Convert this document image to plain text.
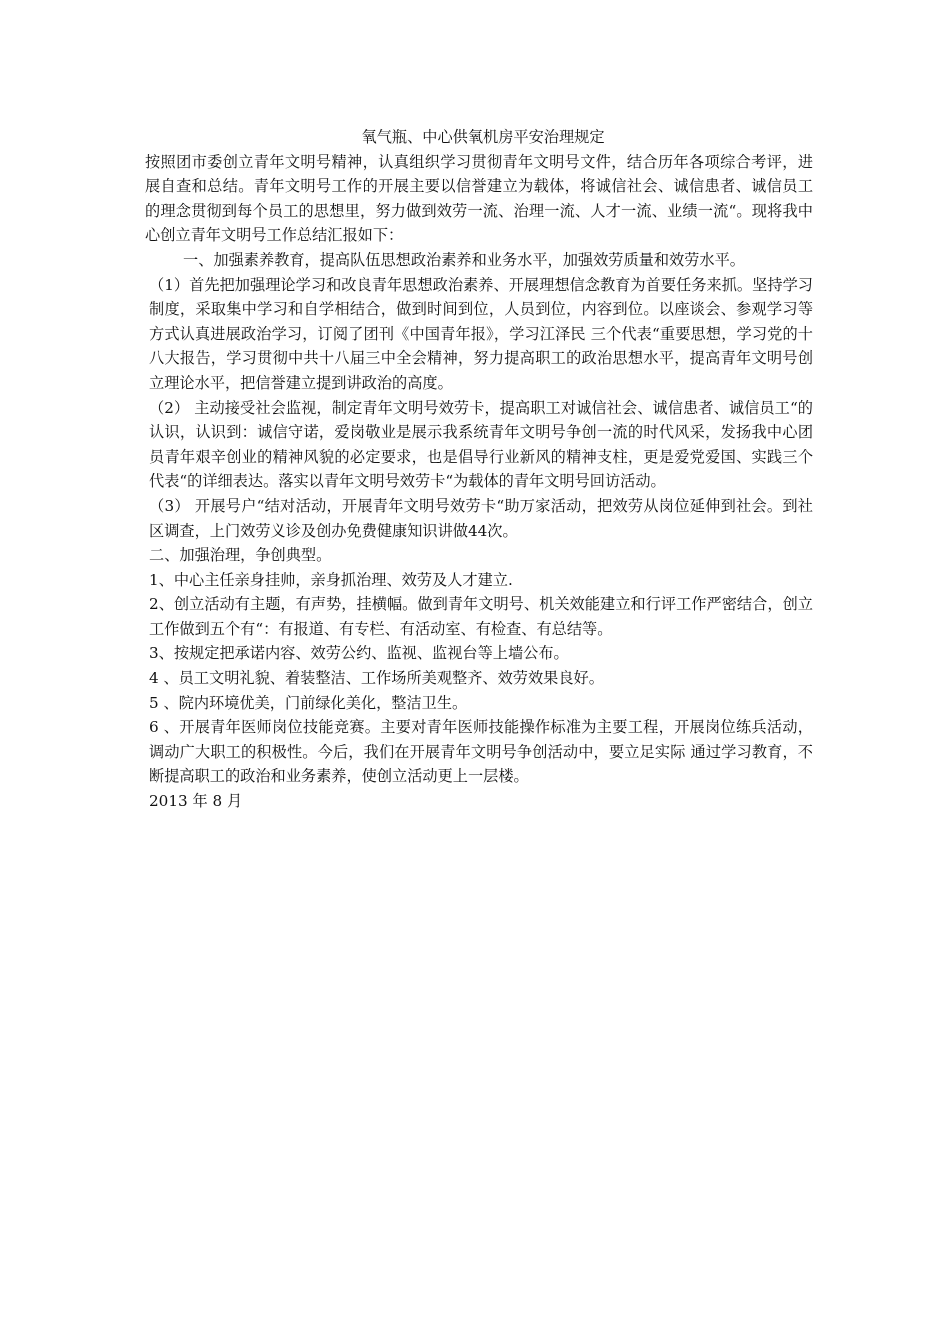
氧气瓶、中心供氧机房平安治理规定

按照团市委创立青年文明号精神，认真组织学习贯彻青年文明号文件，结合历年各项综合考评，进展自查和总结。青年文明号工作的开展主要以信誉建立为载体，将诚信社会、诚信患者、诚信员工的理念贯彻到每个员工的思想里，努力做到效劳一流、治理一流、人才一流、业绩一流“。现将我中心创立青年文明号工作总结汇报如下：

一、加强素养教育，提高队伍思想政治素养和业务水平，加强效劳质量和效劳水平。

（1）首先把加强理论学习和改良青年思想政治素养、开展理想信念教育为首要任务来抓。坚持学习制度，采取集中学习和自学相结合，做到时间到位，人员到位，内容到位。以座谈会、参观学习等方式认真进展政治学习，订阅了团刊《中国青年报》，学习江泽民 三个代表“重要思想，学习党的十八大报告，学习贯彻中共十八届三中全会精神，努力提高职工的政治思想水平，提高青年文明号创立理论水平，把信誉建立提到讲政治的高度。

（2） 主动接受社会监视，制定青年文明号效劳卡，提高职工对诚信社会、诚信患者、诚信员工“的认识，认识到：诚信守诺，爱岗敬业是展示我系统青年文明号争创一流的时代风采，发扬我中心团员青年艰辛创业的精神风貌的必定要求，也是倡导行业新风的精神支柱，更是爱党爱国、实践三个代表“的详细表达。落实以青年文明号效劳卡“为载体的青年文明号回访活动。

（3） 开展号户“结对活动，开展青年文明号效劳卡“助万家活动，把效劳从岗位延伸到社会。到社区调查，上门效劳义诊及创办免费健康知识讲做44次。

二、加强治理，争创典型。

1、中心主任亲身挂帅，亲身抓治理、效劳及人才建立.

2、创立活动有主题，有声势，挂横幅。做到青年文明号、机关效能建立和行评工作严密结合，创立工作做到五个有“：有报道、有专栏、有活动室、有检查、有总结等。

3、按规定把承诺内容、效劳公约、监视、监视台等上墙公布。

4 、员工文明礼貌、着装整洁、工作场所美观整齐、效劳效果良好。

5 、院内环境优美，门前绿化美化，整洁卫生。

6 、开展青年医师岗位技能竞赛。主要对青年医师技能操作标准为主要工程，开展岗位练兵活动，调动广大职工的积极性。今后，我们在开展青年文明号争创活动中，要立足实际 通过学习教育，不断提高职工的政治和业务素养，使创立活动更上一层楼。

2013 年 8 月
